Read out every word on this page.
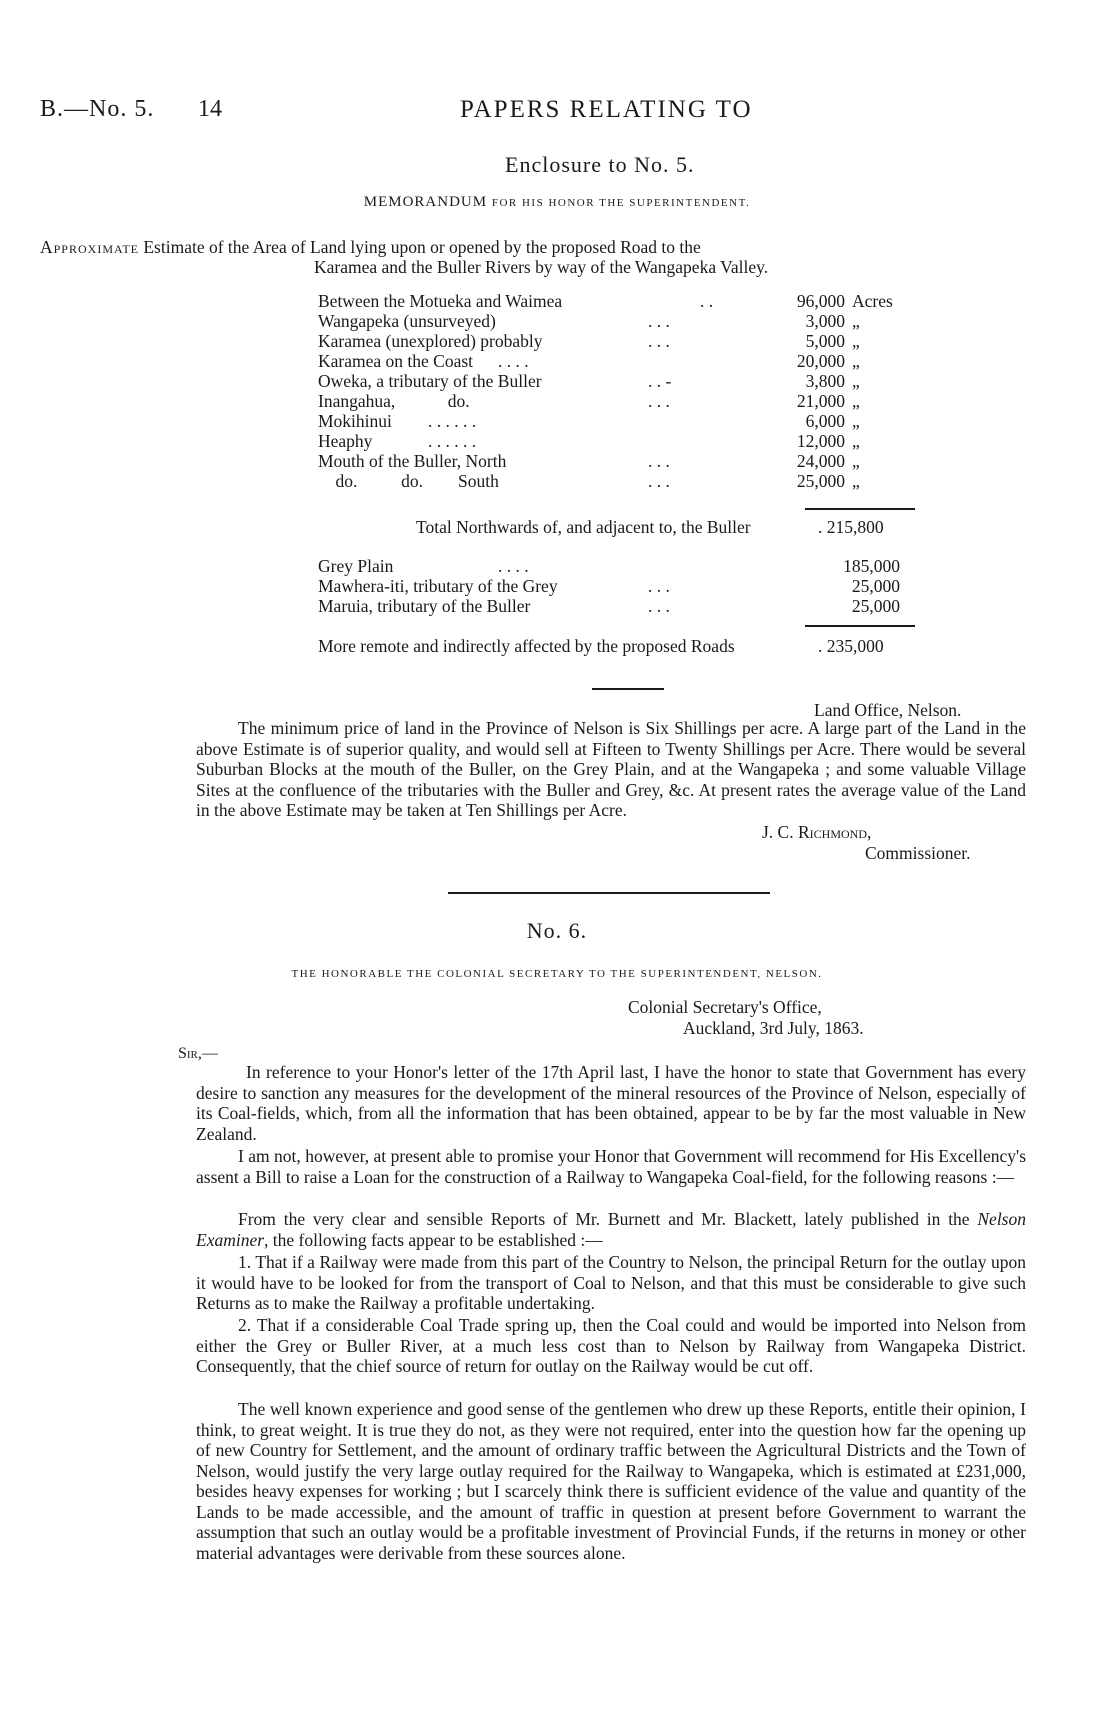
B.—No. 5. 14	PAPERS RELATING TO
Enclosure to No. 5.
MEMORANDUM FOR HIS HONOR THE SUPERINTENDENT.
Approximate Estimate of the Area of Land lying upon or opened by the proposed Road to the
Karamea and the Buller Rivers by way of the Wangapeka Valley.
Between the Motueka and Waimea	. .	96,000 Acres
Wangapeka (unsurveyed)	. . .	3,000 „
Karamea (unexplored) probably	. . .	5,000 „
Karamea on the Coast . . . .	20,000 „
Oweka, a tributary of the Buller	. . -	3,800 „
Inangahua,            do.	. . .	21,000 „
Mokihinui . . . . . .	6,000 „
Heaphy	. . . . . .	12,000 „
Mouth of the Buller, North	. . .	24,000 „
do.          do.        South	. . .	25,000 „
Total Northwards of, and adjacent to, the Buller	. 215,800
Grey Plain	. . . .	185,000
Mawhera-iti, tributary of the Grey	. . .	25,000
Maruia, tributary of the Buller	. . .	25,000
More remote and indirectly affected by the proposed Roads	. 235,000
Land Office, Nelson.
The minimum price of land in the Province of Nelson is Six Shillings per acre. A large part of the Land in the above Estimate is of superior quality, and would sell at Fifteen to Twenty Shillings per Acre. There would be several Suburban Blocks at the mouth of the Buller, on the Grey Plain, and at the Wangapeka ; and some valuable Village Sites at the confluence of the tributaries with the Buller and Grey, &c. At present rates the average value of the Land in the above Estimate may be taken at Ten Shillings per Acre.
J. C. Richmond,
Commissioner.
No. 6.
THE HONORABLE THE COLONIAL SECRETARY TO THE SUPERINTENDENT, NELSON.
Colonial Secretary's Office,
Auckland, 3rd July, 1863.
Sir,—
In reference to your Honor's letter of the 17th April last, I have the honor to state that Government has every desire to sanction any measures for the development of the mineral resources of the Province of Nelson, especially of its Coal-fields, which, from all the information that has been obtained, appear to be by far the most valuable in New Zealand.
I am not, however, at present able to promise your Honor that Government will recommend for His Excellency's assent a Bill to raise a Loan for the construction of a Railway to Wangapeka Coal-field, for the following reasons :—
From the very clear and sensible Reports of Mr. Burnett and Mr. Blackett, lately published in the Nelson Examiner, the following facts appear to be established :—
1. That if a Railway were made from this part of the Country to Nelson, the principal Return for the outlay upon it would have to be looked for from the transport of Coal to Nelson, and that this must be considerable to give such Returns as to make the Railway a profitable undertaking.
2. That if a considerable Coal Trade spring up, then the Coal could and would be imported into Nelson from either the Grey or Buller River, at a much less cost than to Nelson by Railway from Wangapeka District. Consequently, that the chief source of return for outlay on the Railway would be cut off.
The well known experience and good sense of the gentlemen who drew up these Reports, entitle their opinion, I think, to great weight. It is true they do not, as they were not required, enter into the question how far the opening up of new Country for Settlement, and the amount of ordinary traffic between the Agricultural Districts and the Town of Nelson, would justify the very large outlay required for the Railway to Wangapeka, which is estimated at £231,000, besides heavy expenses for working ; but I scarcely think there is sufficient evidence of the value and quantity of the Lands to be made accessible, and the amount of traffic in question at present before Government to warrant the assumption that such an outlay would be a profitable investment of Provincial Funds, if the returns in money or other material advantages were derivable from these sources alone.
